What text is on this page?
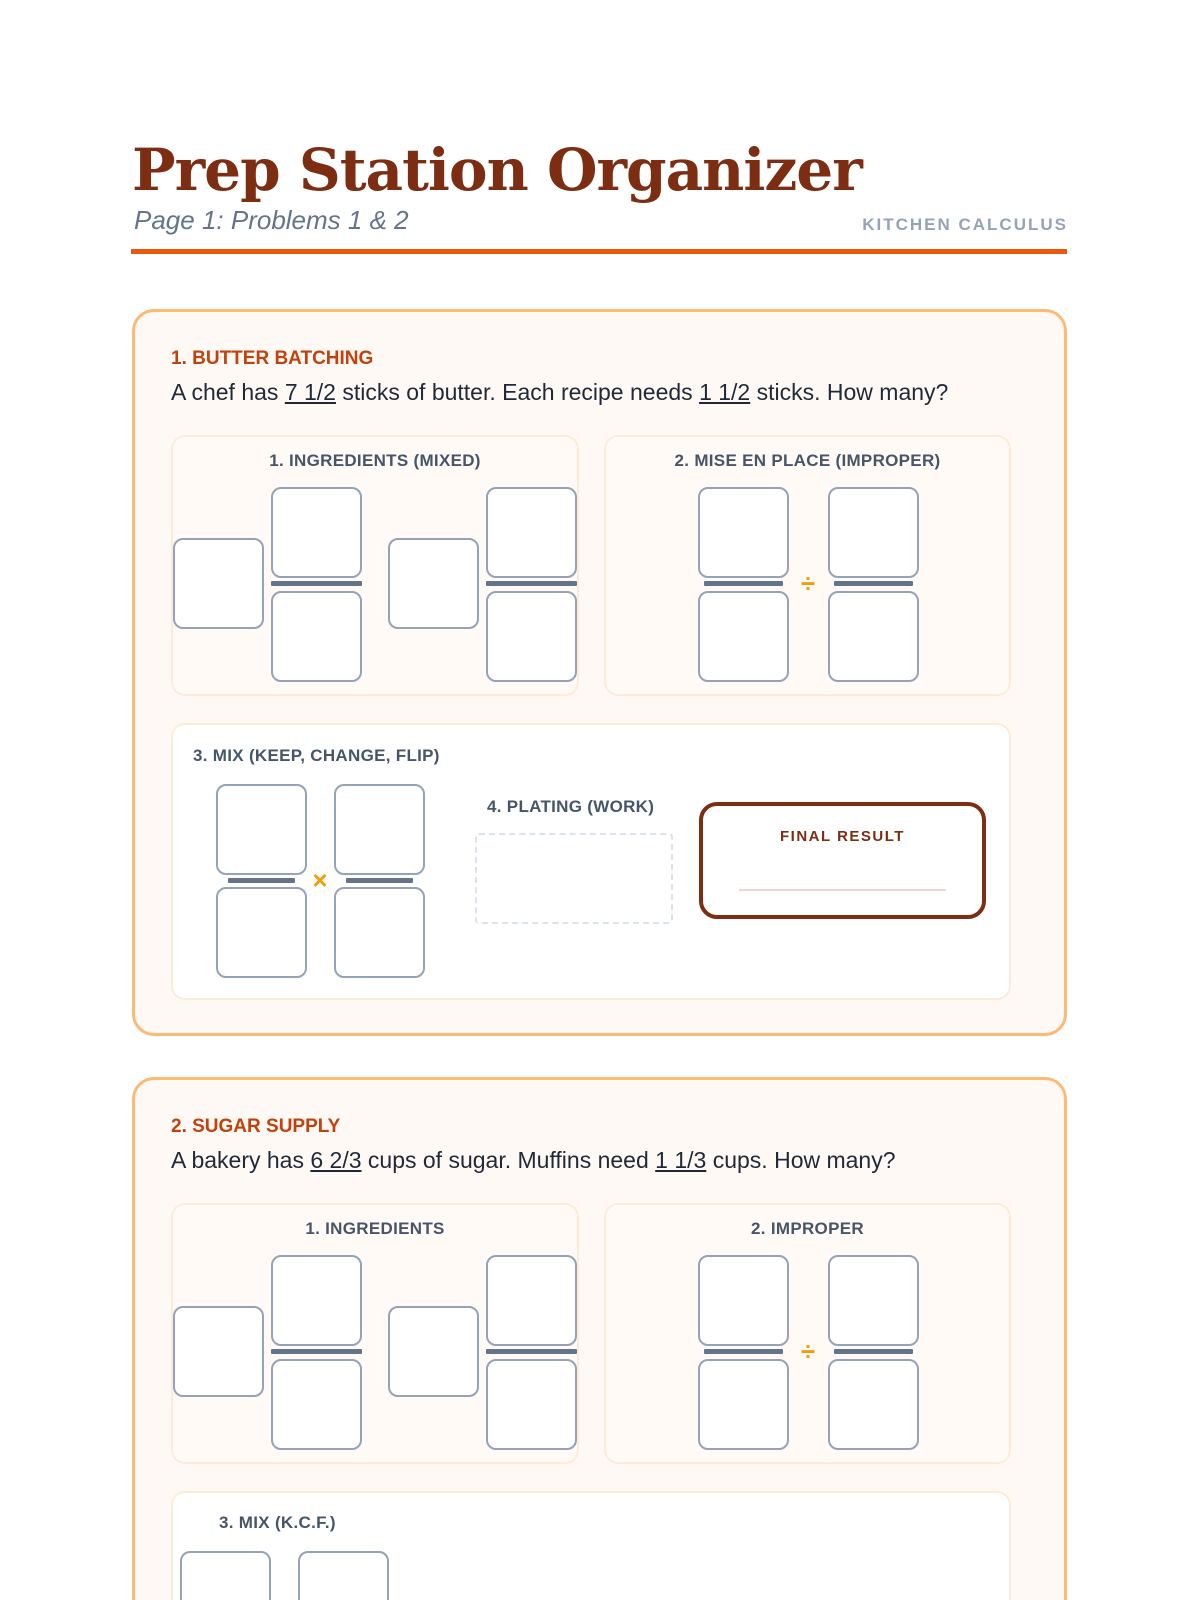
Prep Station Organizer
Page 1: Problems 1 & 2	KITCHEN CALCULUS
1. BUTTER BATCHING
A chef has 7 1/2 sticks of butter. Each recipe needs 1 1/2 sticks. How many?
1. INGREDIENTS (MIXED)	2. MISE EN PLACE (IMPROPER)
÷
3. MIX (KEEP, CHANGE, FLIP)
×
4. PLATING (WORK)
FINAL RESULT
2. SUGAR SUPPLY
A bakery has 6 2/3 cups of sugar. Muffins need 1 1/3 cups. How many?
1. INGREDIENTS	2. IMPROPER
÷
3. MIX (K.C.F.)
